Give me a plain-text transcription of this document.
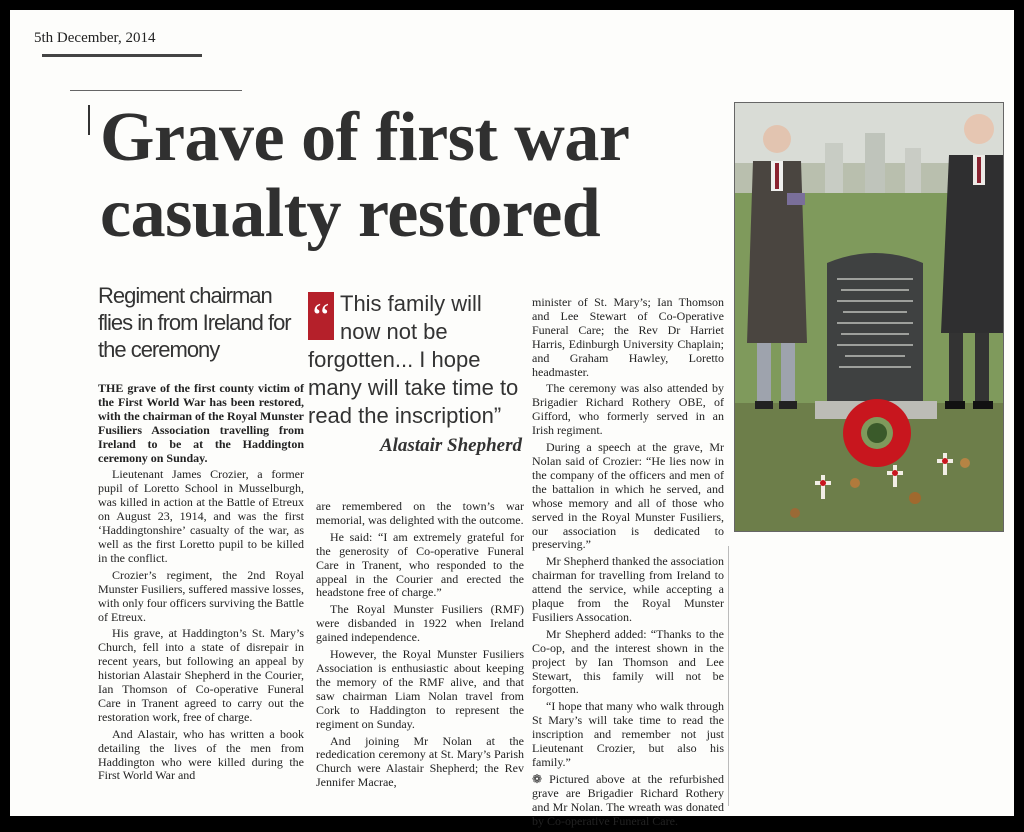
5th December, 2014
Grave of first war
casualty restored
Regiment chairman flies in from Ireland for the ceremony
“ This family will now not be forgotten... I hope many will take time to read the inscription”
Alastair Shepherd

THE grave of the first county victim of the First World War has been restored, with the chairman of the Royal Munster Fusiliers Association travelling from Ireland to be at the Haddington ceremony on Sunday.

Lieutenant James Crozier, a former pupil of Loretto School in Musselburgh, was killed in action at the Battle of Etreux on August 23, 1914, and was the first ‘Haddingtonshire’ casualty of the war, as well as the first Loretto pupil to be killed in the conflict.

Crozier’s regiment, the 2nd Royal Munster Fusiliers, suffered massive losses, with only four officers surviving the Battle of Etreux.

His grave, at Haddington’s St. Mary’s Church, fell into a state of disrepair in recent years, but following an appeal by historian Alastair Shepherd in the Courier, Ian Thomson of Co-operative Funeral Care in Tranent agreed to carry out the restoration work, free of charge.

And Alastair, who has written a book detailing the lives of the men from Haddington who were killed during the First World War and

are remembered on the town’s war memorial, was delighted with the outcome.

He said: “I am extremely grateful for the generosity of Co-operative Funeral Care in Tranent, who responded to the appeal in the Courier and erected the headstone free of charge.”

The Royal Munster Fusiliers (RMF) were disbanded in 1922 when Ireland gained independence.

However, the Royal Munster Fusiliers Association is enthusiastic about keeping the memory of the RMF alive, and that saw chairman Liam Nolan travel from Cork to Haddington to represent the regiment on Sunday.

And joining Mr Nolan at the rededication ceremony at St. Mary’s Parish Church were Alastair Shepherd; the Rev Jennifer Macrae,

minister of St. Mary’s; Ian Thomson and Lee Stewart of Co-Operative Funeral Care; the Rev Dr Harriet Harris, Edinburgh University Chaplain; and Graham Hawley, Loretto headmaster.

The ceremony was also attended by Brigadier Richard Rothery OBE, of Gifford, who formerly served in an Irish regiment.

During a speech at the grave, Mr Nolan said of Crozier: “He lies now in the company of the officers and men of the battalion in which he served, and whose memory and all of those who served in the Royal Munster Fusiliers, our association is dedicated to preserving.”

Mr Shepherd thanked the association chairman for travelling from Ireland to attend the service, while accepting a plaque from the Royal Munster Fusiliers Assocation.

Mr Shepherd added: “Thanks to the Co-op, and the interest shown in the project by Ian Thomson and Lee Stewart, this family will not be forgotten.

“I hope that many who walk through St Mary’s will take time to read the inscription and remember not just Lieutenant Crozier, but also his family.”

❁ Pictured above at the refurbished grave are Brigadier Richard Rothery and Mr Nolan. The wreath was donated by Co-operative Funeral Care.
